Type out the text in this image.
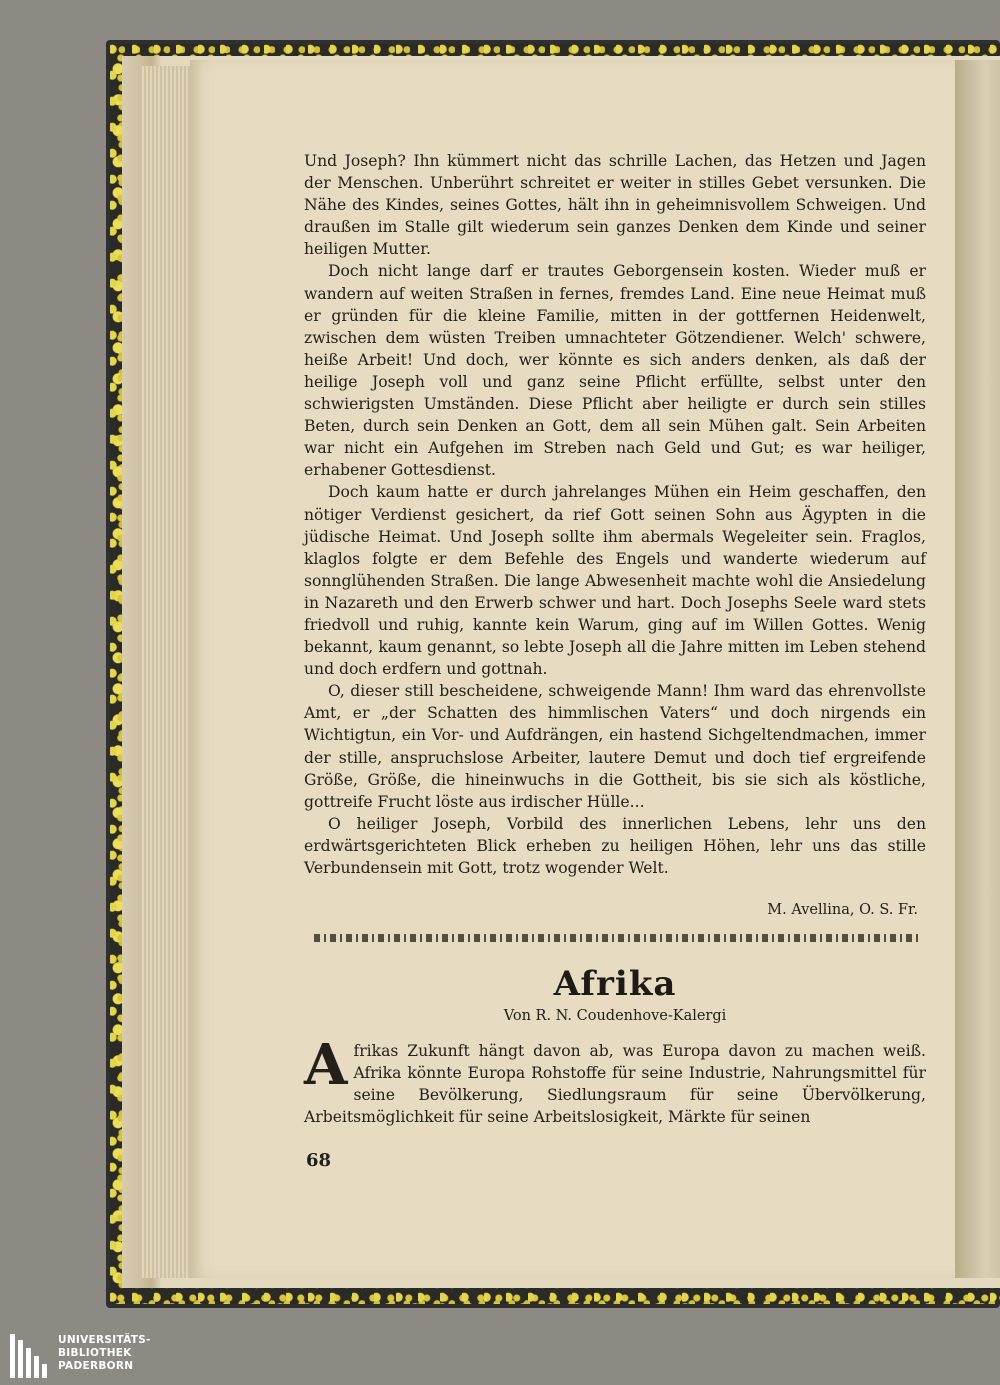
Und Joseph? Ihn kümmert nicht das schrille Lachen, das Hetzen und Jagen der Menschen. Unberührt schreitet er weiter in stilles Gebet versunken. Die Nähe des Kindes, seines Gottes, hält ihn in geheimnisvollem Schweigen. Und draußen im Stalle gilt wiederum sein ganzes Denken dem Kinde und seiner heiligen Mutter.

Doch nicht lange darf er trautes Geborgensein kosten. Wieder muß er wandern auf weiten Straßen in fernes, fremdes Land. Eine neue Heimat muß er gründen für die kleine Familie, mitten in der gottfernen Heidenwelt, zwischen dem wüsten Treiben umnachteter Götzendiener. Welch' schwere, heiße Arbeit! Und doch, wer könnte es sich anders denken, als daß der heilige Joseph voll und ganz seine Pflicht erfüllte, selbst unter den schwierigsten Umständen. Diese Pflicht aber heiligte er durch sein stilles Beten, durch sein Denken an Gott, dem all sein Mühen galt. Sein Arbeiten war nicht ein Aufgehen im Streben nach Geld und Gut; es war heiliger, erhabener Gottesdienst.

Doch kaum hatte er durch jahrelanges Mühen ein Heim geschaffen, den nötiger Verdienst gesichert, da rief Gott seinen Sohn aus Ägypten in die jüdische Heimat. Und Joseph sollte ihm abermals Wegeleiter sein. Fraglos, klaglos folgte er dem Befehle des Engels und wanderte wiederum auf sonnglühenden Straßen. Die lange Abwesenheit machte wohl die Ansiedelung in Nazareth und den Erwerb schwer und hart. Doch Josephs Seele ward stets friedvoll und ruhig, kannte kein Warum, ging auf im Willen Gottes. Wenig bekannt, kaum genannt, so lebte Joseph all die Jahre mitten im Leben stehend und doch erdfern und gottnah.

O, dieser still bescheidene, schweigende Mann! Ihm ward das ehrenvollste Amt, er „der Schatten des himmlischen Vaters“ und doch nirgends ein Wichtigtun, ein Vor- und Aufdrängen, ein hastend Sichgeltendmachen, immer der stille, anspruchslose Arbeiter, lautere Demut und doch tief ergreifende Größe, Größe, die hineinwuchs in die Gottheit, bis sie sich als köstliche, gottreife Frucht löste aus irdischer Hülle...

O heiliger Joseph, Vorbild des innerlichen Lebens, lehr uns den erdwärtsgerichteten Blick erheben zu heiligen Höhen, lehr uns das stille Verbundensein mit Gott, trotz wogender Welt.

M. Avellina, O. S. Fr.
Afrika
Von R. N. Coudenhove-Kalergi
Afrikas Zukunft hängt davon ab, was Europa davon zu machen weiß. Afrika könnte Europa Rohstoffe für seine Industrie, Nahrungsmittel für seine Bevölkerung, Siedlungsraum für seine Übervölkerung, Arbeitsmöglichkeit für seine Arbeitslosigkeit, Märkte für seinen
68
UNIVERSITÄTS-
BIBLIOTHEK
PADERBORN
